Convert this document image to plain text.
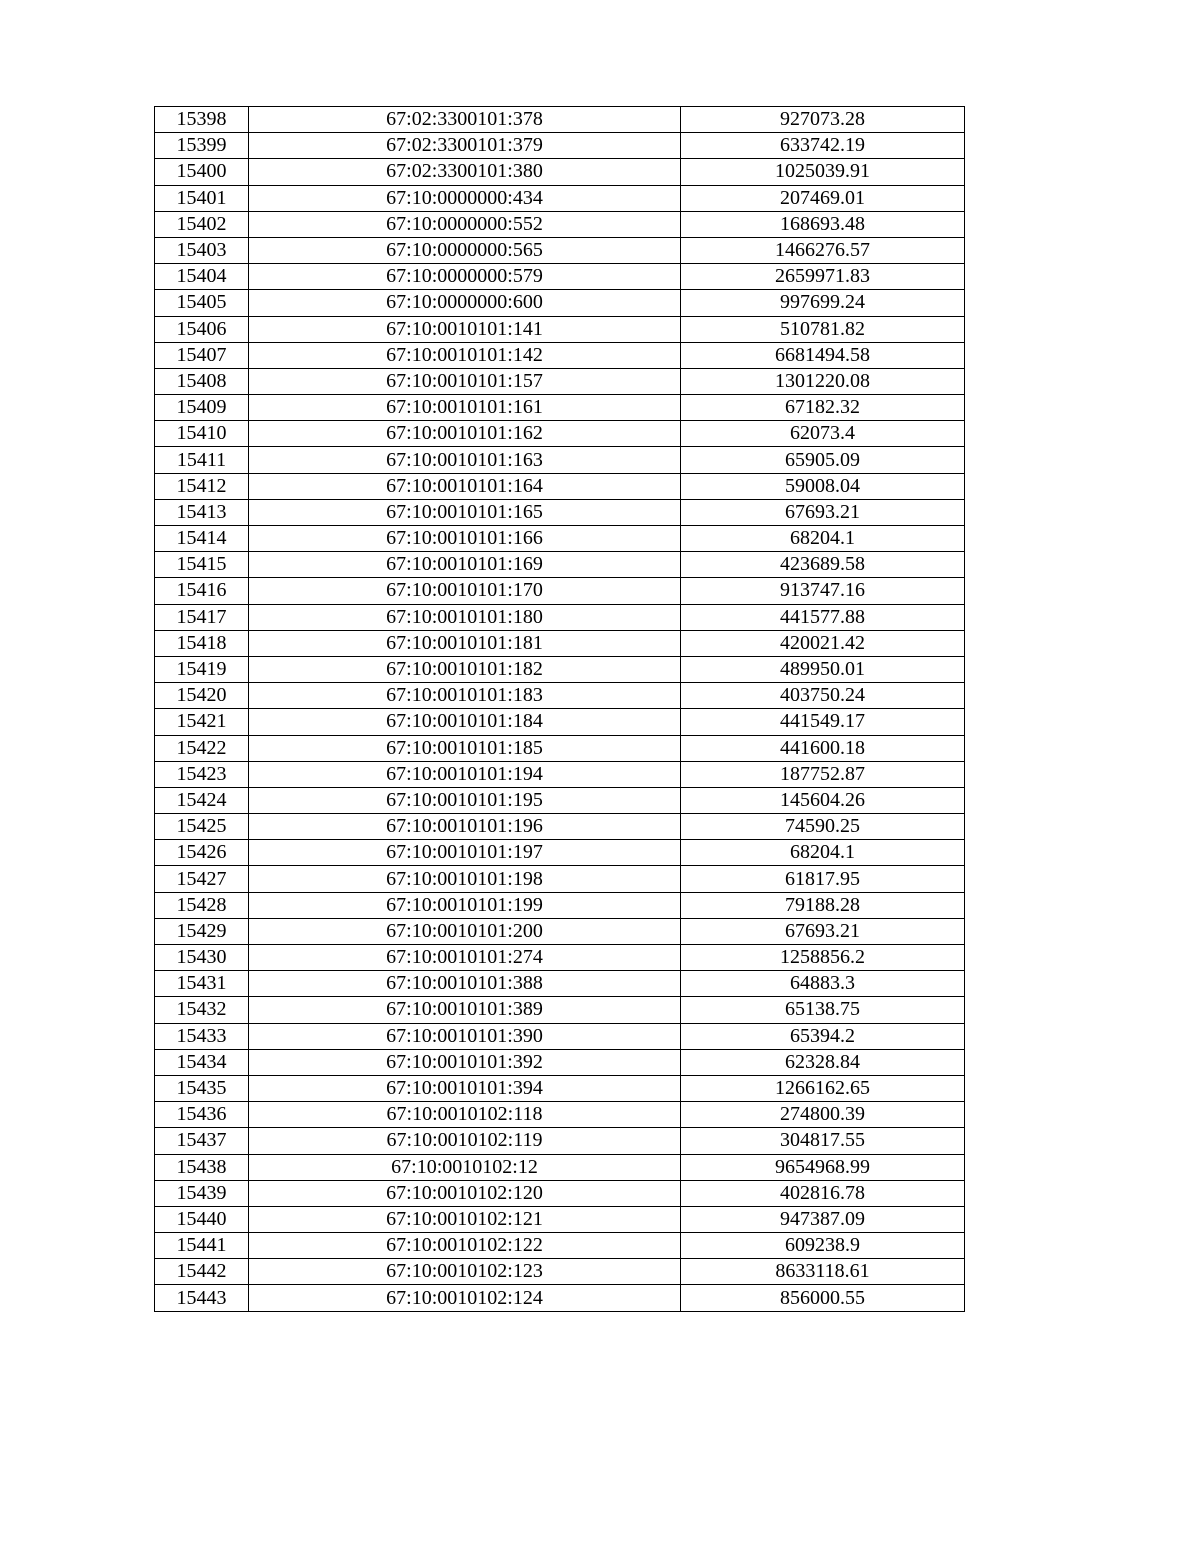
15398	67:02:3300101:378	927073.28
15399	67:02:3300101:379	633742.19
15400	67:02:3300101:380	1025039.91
15401	67:10:0000000:434	207469.01
15402	67:10:0000000:552	168693.48
15403	67:10:0000000:565	1466276.57
15404	67:10:0000000:579	2659971.83
15405	67:10:0000000:600	997699.24
15406	67:10:0010101:141	510781.82
15407	67:10:0010101:142	6681494.58
15408	67:10:0010101:157	1301220.08
15409	67:10:0010101:161	67182.32
15410	67:10:0010101:162	62073.4
15411	67:10:0010101:163	65905.09
15412	67:10:0010101:164	59008.04
15413	67:10:0010101:165	67693.21
15414	67:10:0010101:166	68204.1
15415	67:10:0010101:169	423689.58
15416	67:10:0010101:170	913747.16
15417	67:10:0010101:180	441577.88
15418	67:10:0010101:181	420021.42
15419	67:10:0010101:182	489950.01
15420	67:10:0010101:183	403750.24
15421	67:10:0010101:184	441549.17
15422	67:10:0010101:185	441600.18
15423	67:10:0010101:194	187752.87
15424	67:10:0010101:195	145604.26
15425	67:10:0010101:196	74590.25
15426	67:10:0010101:197	68204.1
15427	67:10:0010101:198	61817.95
15428	67:10:0010101:199	79188.28
15429	67:10:0010101:200	67693.21
15430	67:10:0010101:274	1258856.2
15431	67:10:0010101:388	64883.3
15432	67:10:0010101:389	65138.75
15433	67:10:0010101:390	65394.2
15434	67:10:0010101:392	62328.84
15435	67:10:0010101:394	1266162.65
15436	67:10:0010102:118	274800.39
15437	67:10:0010102:119	304817.55
15438	67:10:0010102:12	9654968.99
15439	67:10:0010102:120	402816.78
15440	67:10:0010102:121	947387.09
15441	67:10:0010102:122	609238.9
15442	67:10:0010102:123	8633118.61
15443	67:10:0010102:124	856000.55
